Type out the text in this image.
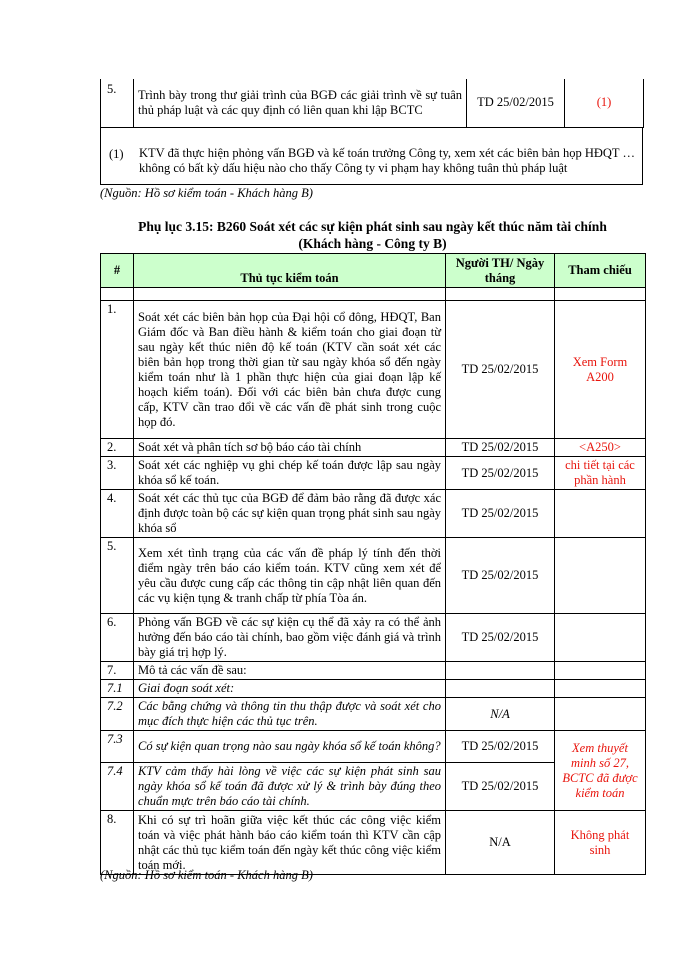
5.	Trình bày trong thư giải trình của BGĐ các giải trình về sự tuân thủ pháp luật và các quy định có liên quan khi lập BCTC	TD 25/02/2015	(1)
(1) KTV đã thực hiện phỏng vấn BGĐ và kế toán trưởng Công ty, xem xét các biên bản họp HĐQT …không có bất kỳ dấu hiệu nào cho thấy Công ty vi phạm hay không tuân thủ pháp luật
(Nguồn: Hồ sơ kiểm toán - Khách hàng B)
Phụ lục 3.15: B260 Soát xét các sự kiện phát sinh sau ngày kết thúc năm tài chính
(Khách hàng - Công ty B)
#	Thủ tục kiểm toán	Người TH/ Ngày tháng	Tham chiếu

1.	Soát xét các biên bản họp của Đại hội cổ đông, HĐQT, Ban Giám đốc và Ban điều hành & kiểm toán cho giai đoạn từ sau ngày kết thúc niên độ kế toán (KTV cần soát xét các biên bản họp trong thời gian từ sau ngày khóa sổ đến ngày kiểm toán như là 1 phần thực hiện của giai đoạn lập kế hoạch kiểm toán). Đối với các biên bản chưa được cung cấp, KTV cần trao đổi về các vấn đề phát sinh trong cuộc họp đó.	TD 25/02/2015	Xem Form A200
2.	Soát xét và phân tích sơ bộ báo cáo tài chính	TD 25/02/2015	<A250>
3.	Soát xét các nghiệp vụ ghi chép kế toán được lập sau ngày khóa sổ kế toán.	TD 25/02/2015	chi tiết tại các phần hành
4.	Soát xét các thủ tục của BGĐ để đảm bảo rằng đã được xác định được toàn bộ các sự kiện quan trọng phát sinh sau ngày khóa sổ	TD 25/02/2015	
5.	Xem xét tình trạng của các vấn đề pháp lý tính đến thời điểm ngày trên báo cáo kiểm toán. KTV cũng xem xét để yêu cầu được cung cấp các thông tin cập nhật liên quan đến các vụ kiện tụng & tranh chấp từ phía Tòa án.	TD 25/02/2015	
6.	Phỏng vấn BGĐ về các sự kiện cụ thể đã xảy ra có thể ảnh hưởng đến báo cáo tài chính, bao gồm việc đánh giá và trình bày giá trị hợp lý.	TD 25/02/2015	
7.	Mô tả các vấn đề sau:		
7.1	Giai đoạn soát xét:		
7.2	Các bằng chứng và thông tin thu thập được và soát xét cho mục đích thực hiện các thủ tục trên.	N/A	
7.3	Có sự kiện quan trọng nào sau ngày khóa sổ kế toán không?	TD 25/02/2015	Xem thuyết minh số 27, BCTC đã được kiểm toán
7.4	KTV cảm thấy hài lòng về việc các sự kiện phát sinh sau ngày khóa sổ kế toán đã được xử lý & trình bày đúng theo chuẩn mực trên báo cáo tài chính.	TD 25/02/2015	
8.	Khi có sự trì hoãn giữa việc kết thúc các công việc kiểm toán và việc phát hành báo cáo kiểm toán thì KTV cần cập nhật các thủ tục kiểm toán đến ngày kết thúc công việc kiểm toán mới.	N/A	Không phát sinh
(Nguồn: Hồ sơ kiểm toán - Khách hàng B)
